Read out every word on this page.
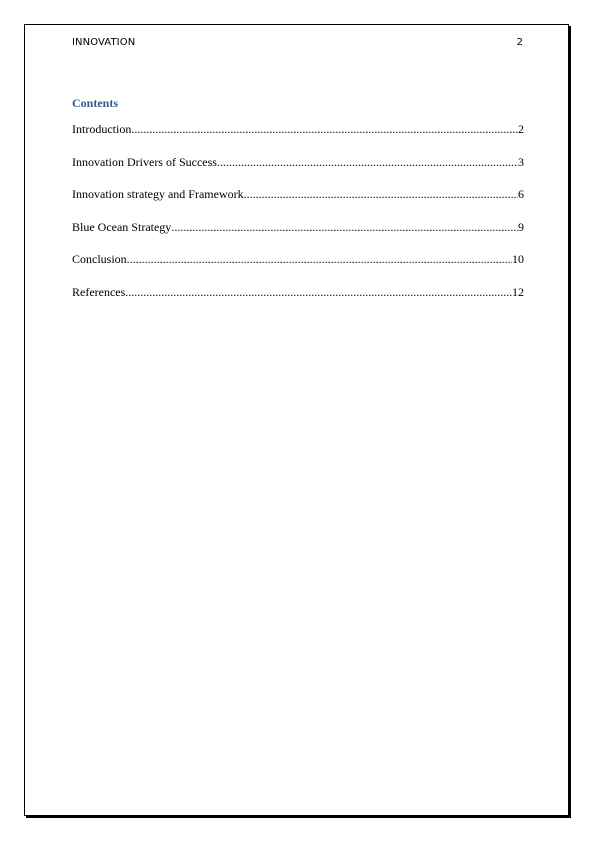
INNOVATION	2
Contents
Introduction .....	2
Innovation Drivers of Success .....	3
Innovation strategy and Framework .....	6
Blue Ocean Strategy .....	9
Conclusion .....	10
References .....	12
